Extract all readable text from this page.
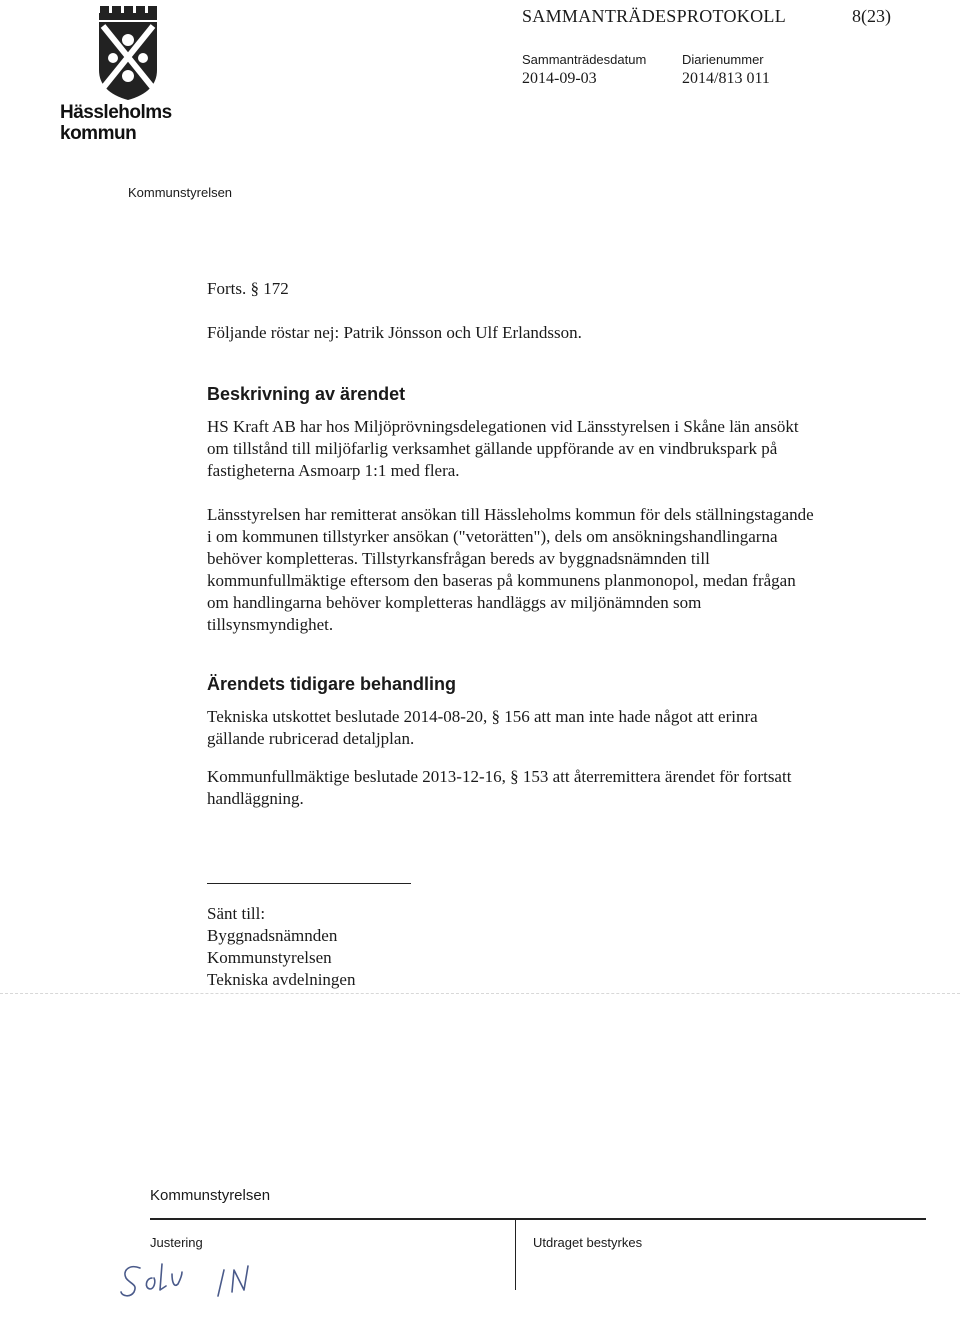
Hässleholms
kommun
SAMMANTRÄDESPROTOKOLL	8(23)
Sammanträdesdatum
2014-09-03
Diarienummer
2014/813 011
Kommunstyrelsen
Forts. § 172
Följande röstar nej: Patrik Jönsson och Ulf Erlandsson.
Beskrivning av ärendet
HS Kraft AB har hos Miljöprövningsdelegationen vid Länsstyrelsen i Skåne län ansökt om tillstånd till miljöfarlig verksamhet gällande uppförande av en vindbrukspark på fastigheterna Asmoarp 1:1 med flera.
Länsstyrelsen har remitterat ansökan till Hässleholms kommun för dels ställningstagande i om kommunen tillstyrker ansökan ("vetorätten"), dels om ansökningshandlingarna behöver kompletteras. Tillstyrkansfrågan bereds av byggnadsnämnden till kommunfullmäktige eftersom den baseras på kommunens planmonopol, medan frågan om handlingarna behöver kompletteras handläggs av miljönämnden som tillsynsmyndighet.
Ärendets tidigare behandling
Tekniska utskottet beslutade 2014-08-20, § 156 att man inte hade något att erinra gällande rubricerad detaljplan.
Kommunfullmäktige beslutade 2013-12-16, § 153 att återremittera ärendet för fortsatt handläggning.
Sänt till:
Byggnadsnämnden
Kommunstyrelsen
Tekniska avdelningen
Kommunstyrelsen
Justering	Utdraget bestyrkes
